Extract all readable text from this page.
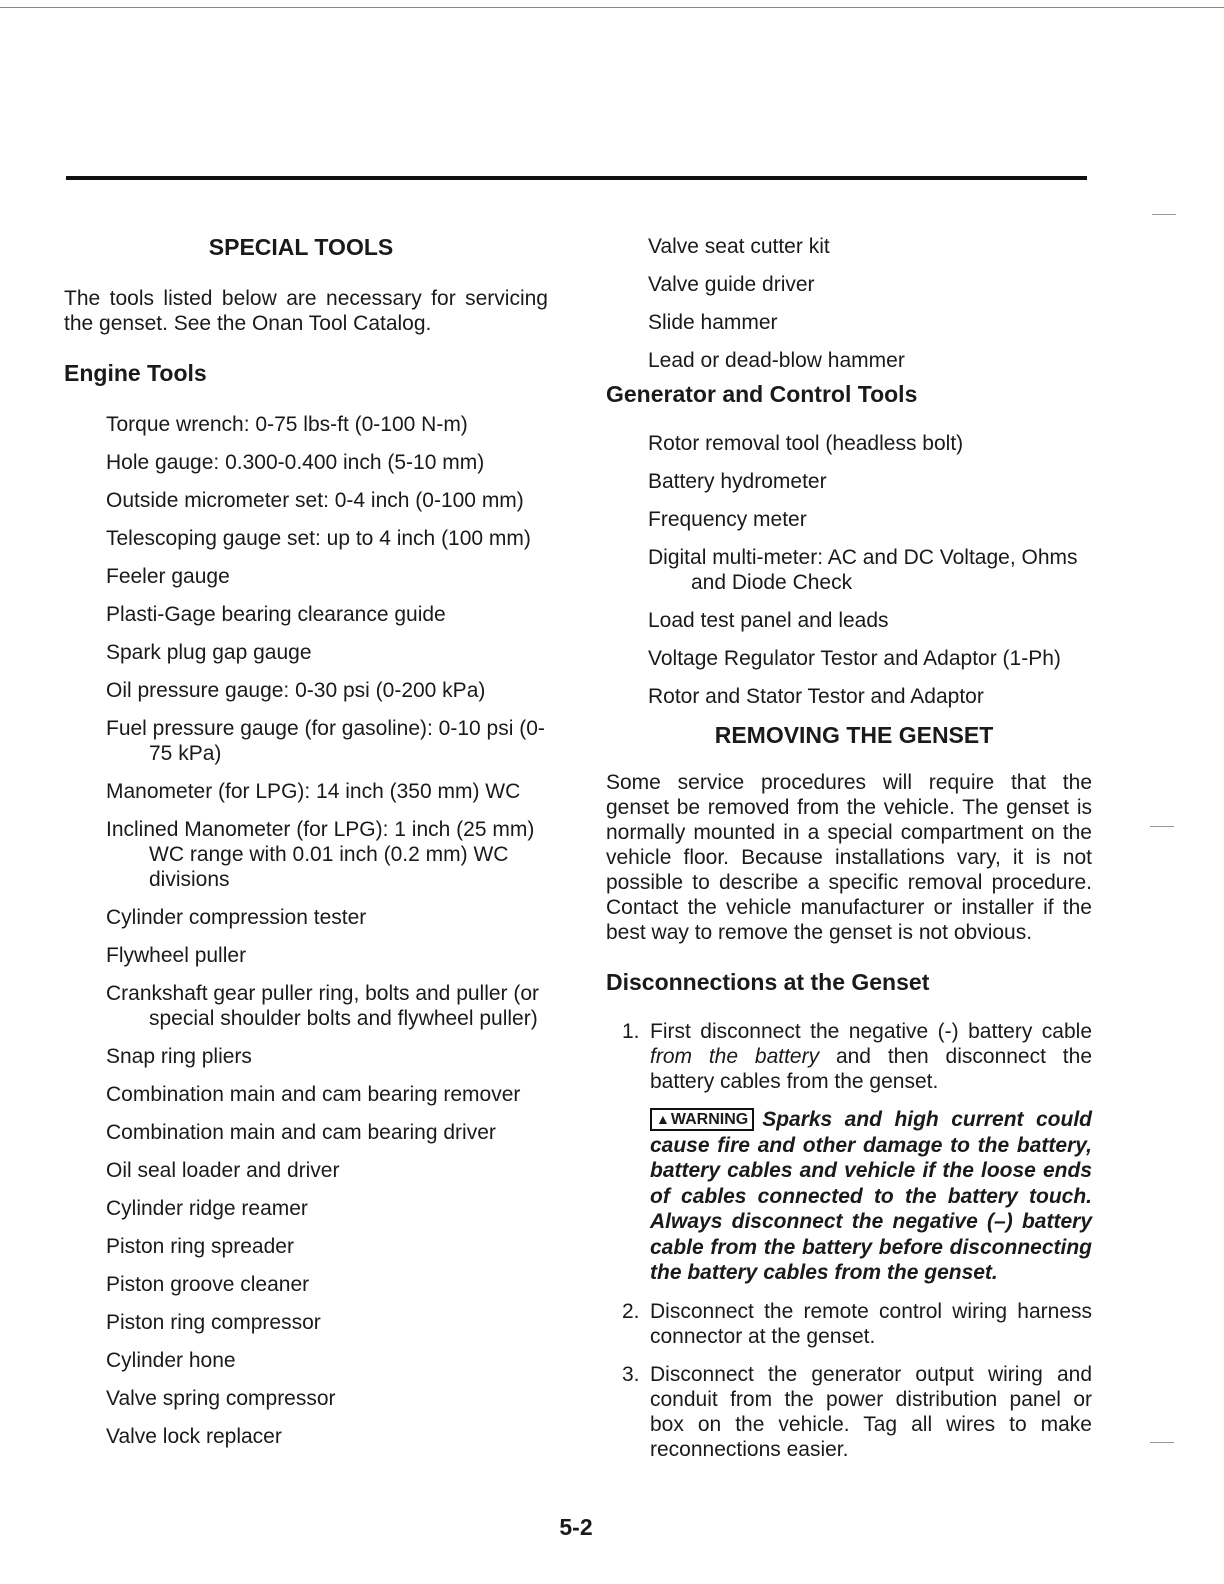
SPECIAL TOOLS

The tools listed below are necessary for servicing the genset. See the Onan Tool Catalog.

Engine Tools
Torque wrench: 0-75 lbs-ft (0-100 N-m)
Hole gauge: 0.300-0.400 inch (5-10 mm)
Outside micrometer set: 0-4 inch (0-100 mm)
Telescoping gauge set: up to 4 inch (100 mm)
Feeler gauge
Plasti-Gage bearing clearance guide
Spark plug gap gauge
Oil pressure gauge: 0-30 psi (0-200 kPa)
Fuel pressure gauge (for gasoline): 0-10 psi (0-75 kPa)
Manometer (for LPG): 14 inch (350 mm) WC
Inclined Manometer (for LPG): 1 inch (25 mm) WC range with 0.01 inch (0.2 mm) WC divisions
Cylinder compression tester
Flywheel puller
Crankshaft gear puller ring, bolts and puller (or special shoulder bolts and flywheel puller)
Snap ring pliers
Combination main and cam bearing remover
Combination main and cam bearing driver
Oil seal loader and driver
Cylinder ridge reamer
Piston ring spreader
Piston groove cleaner
Piston ring compressor
Cylinder hone
Valve spring compressor
Valve lock replacer
Valve seat cutter kit
Valve guide driver
Slide hammer
Lead or dead-blow hammer
Generator and Control Tools
Rotor removal tool (headless bolt)
Battery hydrometer
Frequency meter
Digital multi-meter: AC and DC Voltage, Ohms and Diode Check
Load test panel and leads
Voltage Regulator Testor and Adaptor (1-Ph)
Rotor and Stator Testor and Adaptor
REMOVING THE GENSET

Some service procedures will require that the genset be removed from the vehicle. The genset is normally mounted in a special compartment on the vehicle floor. Because installations vary, it is not possible to describe a specific removal procedure. Contact the vehicle manufacturer or installer if the best way to remove the genset is not obvious.

Disconnections at the Genset
1. First disconnect the negative (-) battery cable from the battery and then disconnect the battery cables from the genset.
▲WARNING Sparks and high current could cause fire and other damage to the battery, battery cables and vehicle if the loose ends of cables connected to the battery touch. Always disconnect the negative (–) battery cable from the battery before disconnecting the battery cables from the genset.
2. Disconnect the remote control wiring harness connector at the genset.
3. Disconnect the generator output wiring and conduit from the power distribution panel or box on the vehicle. Tag all wires to make reconnections easier.
5-2
